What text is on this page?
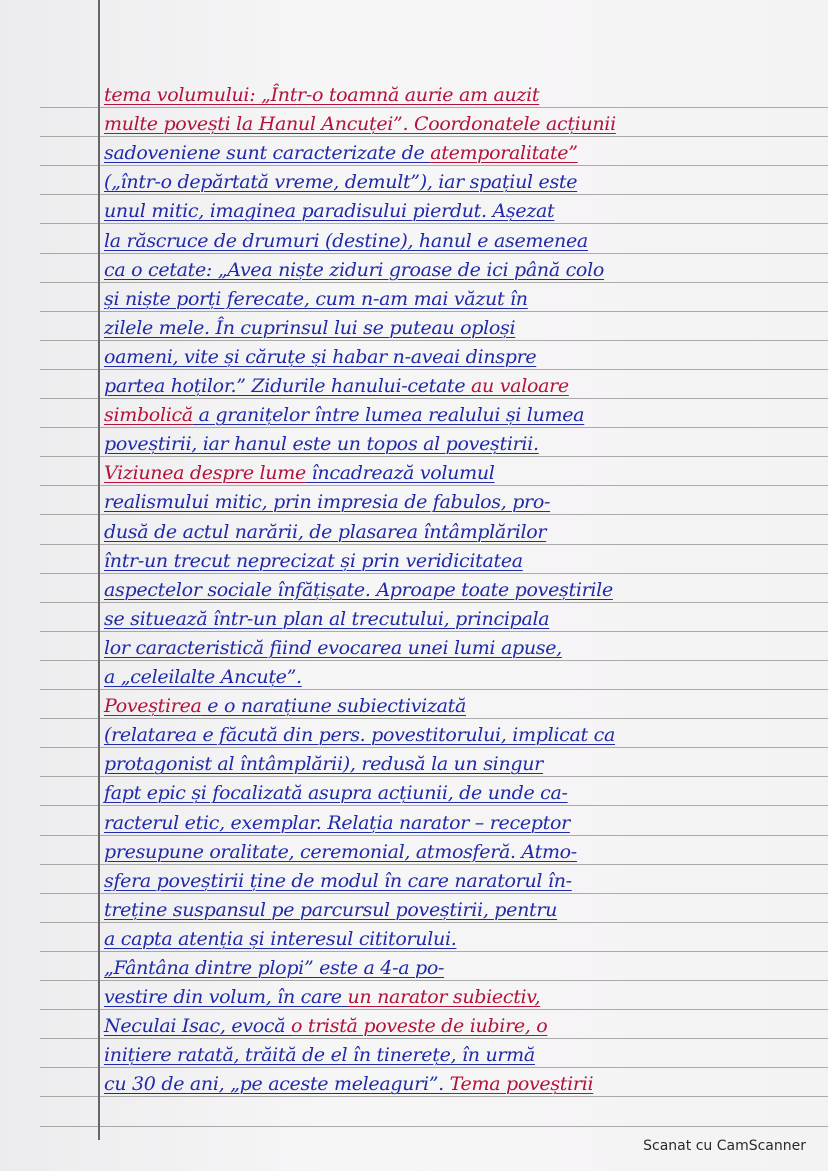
tema volumului: „Într-o toamnă aurie am auzit
multe povești la Hanul Ancuței”. Coordonatele acțiunii
sadoveniene sunt caracterizate de atemporalitate”
(„într-o depărtată vreme, demult”), iar spațiul este
unul mitic, imaginea paradisului pierdut. Așezat
la răscruce de drumuri (destine), hanul e asemenea
ca o cetate: „Avea niște ziduri groase de ici până colo
și niște porți ferecate, cum n-am mai văzut în
zilele mele. În cuprinsul lui se puteau oploși
oameni, vite și căruțe și habar n-aveai dinspre
partea hoților.” Zidurile hanului-cetate au valoare
simbolică a granițelor între lumea realului și lumea
poveștirii, iar hanul este un topos al poveștirii.
Viziunea despre lume încadrează volumul
realismului mitic, prin impresia de fabulos, pro-
dusă de actul narării, de plasarea întâmplărilor
într-un trecut neprecizat și prin veridicitatea
aspectelor sociale înfățișate. Aproape toate poveștirile
se situează într-un plan al trecutului, principala
lor caracteristică fiind evocarea unei lumi apuse,
a „celeilalte Ancuțe”.
Poveștirea e o narațiune subiectivizată
(relatarea e făcută din pers. povestitorului, implicat ca
protagonist al întâmplării), redusă la un singur
fapt epic și focalizată asupra acțiunii, de unde ca-
racterul etic, exemplar. Relația narator – receptor
presupune oralitate, ceremonial, atmosferă. Atmo-
sfera poveștirii ține de modul în care naratorul în-
treține suspansul pe parcursul poveștirii, pentru
a capta atenția și interesul cititorului.
„Fântâna dintre plopi” este a 4-a po-
vestire din volum, în care un narator subiectiv,
Neculai Isac, evocă o tristă poveste de iubire, o
inițiere ratată, trăită de el în tinerețe, în urmă
cu 30 de ani, „pe aceste meleaguri”. Tema poveștirii
Scanat cu CamScanner
